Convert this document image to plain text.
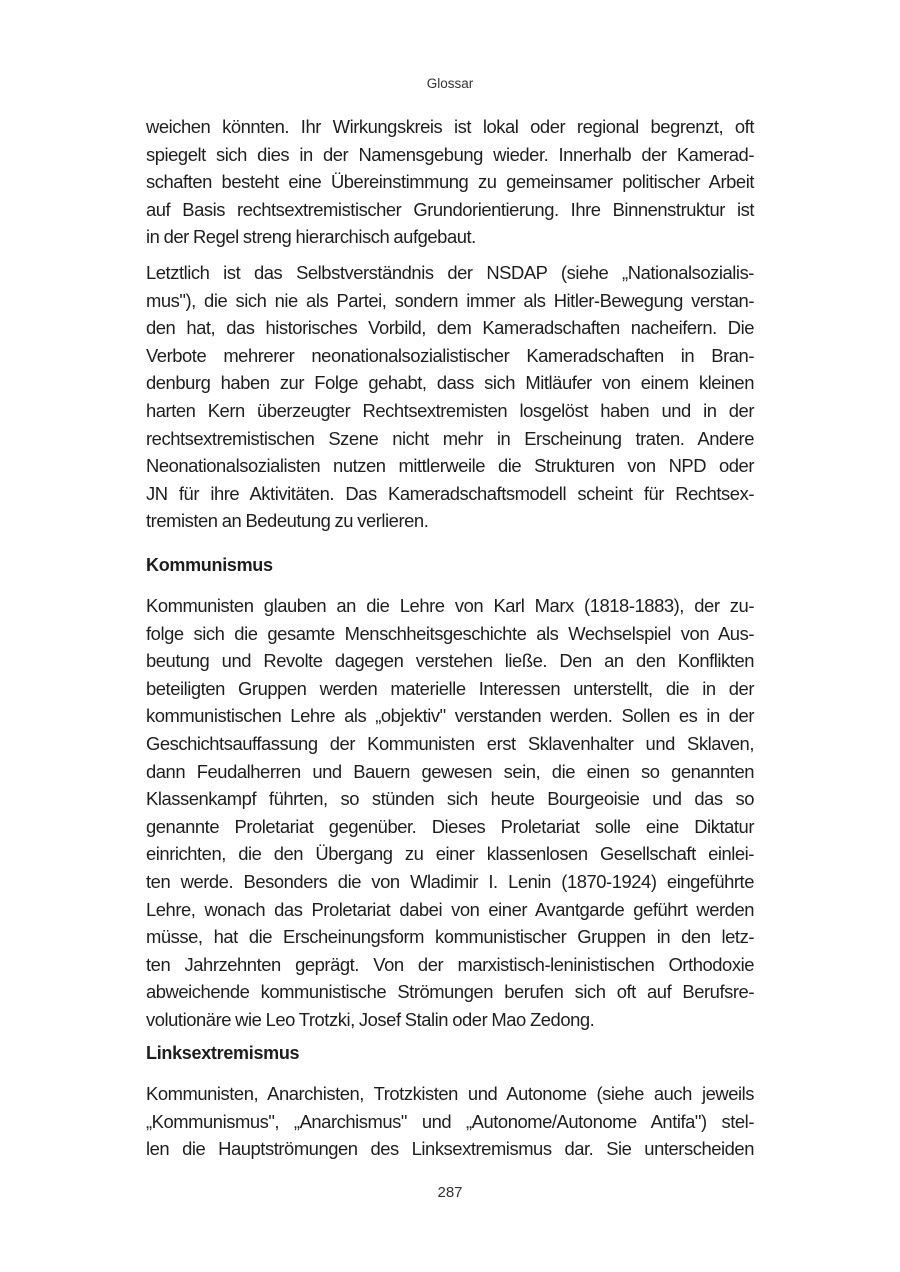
Glossar
weichen könnten. Ihr Wirkungskreis ist lokal oder regional begrenzt, oft
spiegelt sich dies in der Namensgebung wieder. Innerhalb der Kamerad-
schaften besteht eine Übereinstimmung zu gemeinsamer politischer Arbeit
auf Basis rechtsextremistischer Grundorientierung. Ihre Binnenstruktur ist
in der Regel streng hierarchisch aufgebaut.
Letztlich ist das Selbstverständnis der NSDAP (siehe „Nationalsozialis-
mus"), die sich nie als Partei, sondern immer als Hitler-Bewegung verstan-
den hat, das historisches Vorbild, dem Kameradschaften nacheifern. Die
Verbote mehrerer neonationalsozialistischer Kameradschaften in Bran-
denburg haben zur Folge gehabt, dass sich Mitläufer von einem kleinen
harten Kern überzeugter Rechtsextremisten losgelöst haben und in der
rechtsextremistischen Szene nicht mehr in Erscheinung traten. Andere
Neonationalsozialisten nutzen mittlerweile die Strukturen von NPD oder
JN für ihre Aktivitäten. Das Kameradschaftsmodell scheint für Rechtsex-
tremisten an Bedeutung zu verlieren.
Kommunismus
Kommunisten glauben an die Lehre von Karl Marx (1818-1883), der zu-
folge sich die gesamte Menschheitsgeschichte als Wechselspiel von Aus-
beutung und Revolte dagegen verstehen ließe. Den an den Konflikten
beteiligten Gruppen werden materielle Interessen unterstellt, die in der
kommunistischen Lehre als „objektiv" verstanden werden. Sollen es in der
Geschichtsauffassung der Kommunisten erst Sklavenhalter und Sklaven,
dann Feudalherren und Bauern gewesen sein, die einen so genannten
Klassenkampf führten, so stünden sich heute Bourgeoisie und das so
genannte Proletariat gegenüber. Dieses Proletariat solle eine Diktatur
einrichten, die den Übergang zu einer klassenlosen Gesellschaft einlei-
ten werde. Besonders die von Wladimir I. Lenin (1870-1924) eingeführte
Lehre, wonach das Proletariat dabei von einer Avantgarde geführt werden
müsse, hat die Erscheinungsform kommunistischer Gruppen in den letz-
ten Jahrzehnten geprägt. Von der marxistisch-leninistischen Orthodoxie
abweichende kommunistische Strömungen berufen sich oft auf Berufsre-
volutionäre wie Leo Trotzki, Josef Stalin oder Mao Zedong.
Linksextremismus
Kommunisten, Anarchisten, Trotzkisten und Autonome (siehe auch jeweils
„Kommunismus", „Anarchismus" und „Autonome/Autonome Antifa") stel-
len die Hauptströmungen des Linksextremismus dar. Sie unterscheiden
287
